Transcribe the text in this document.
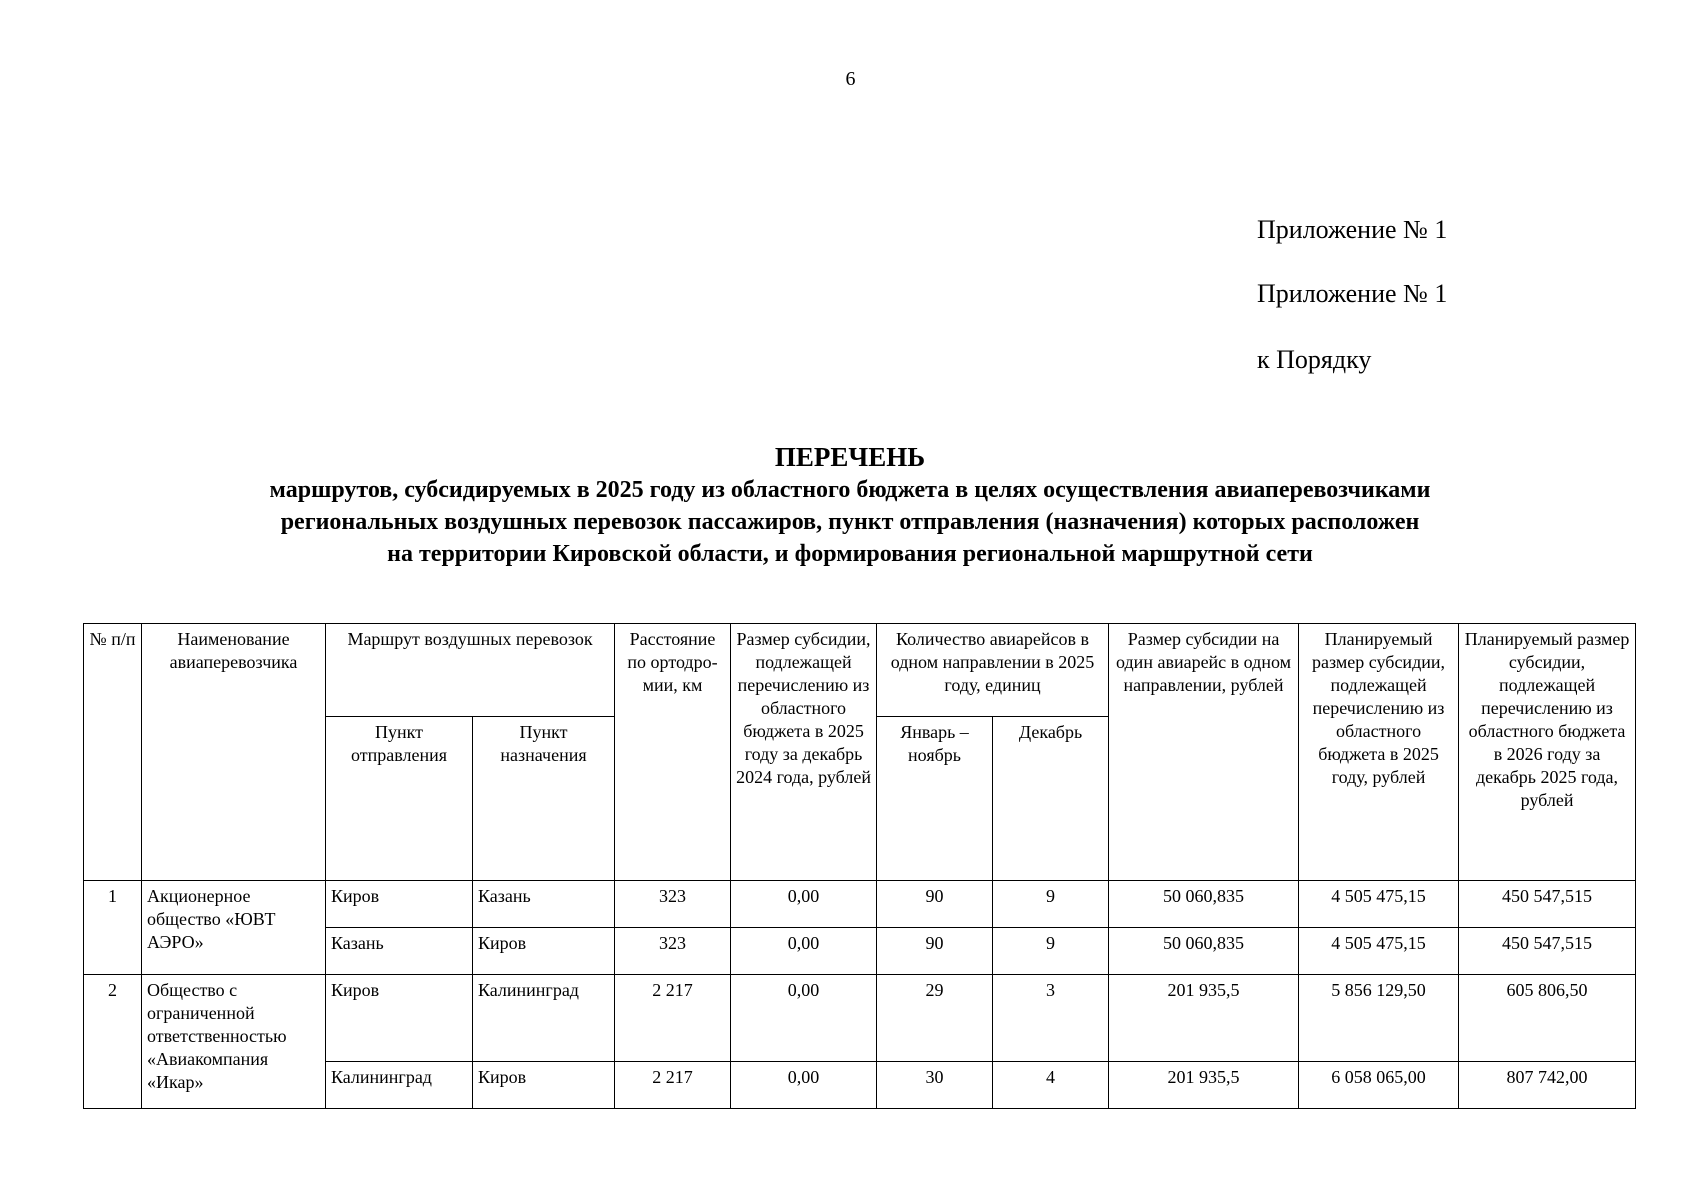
6
Приложение № 1
Приложение № 1
к Порядку
ПЕРЕЧЕНЬ
маршрутов, субсидируемых в 2025 году из областного бюджета в целях осуществления авиаперевозчиками
региональных воздушных перевозок пассажиров, пункт отправления (назначения) которых расположен
на территории Кировской области, и формирования региональной маршрутной сети
№ п/п	Наименование авиаперевозчика	Маршрут воздушных перевозок		Расстояние по ортодро-мии, км	Размер субсидии, подлежащей перечислению из областного бюджета в 2025 году за декабрь 2024 года, рублей	Количество авиарейсов в одном направлении в 2025 году, единиц		Размер субсидии на один авиарейс в одном направлении, рублей	Планируемый размер субсидии, подлежащей перечислению из областного бюджета в 2025 году, рублей	Планируемый размер субсидии, подлежащей перечислению из областного бюджета в 2026 году за декабрь 2025 года, рублей
		Пункт отправления	Пункт назначения			Январь – ноябрь	Декабрь			
1	Акционерное общество «ЮВТ АЭРО»	Киров	Казань	323	0,00	90	9	50 060,835	4 505 475,15	450 547,515
		Казань	Киров	323	0,00	90	9	50 060,835	4 505 475,15	450 547,515
2	Общество с ограниченной ответственностью «Авиакомпания «Икар»	Киров	Калининград	2 217	0,00	29	3	201 935,5	5 856 129,50	605 806,50
		Калининград	Киров	2 217	0,00	30	4	201 935,5	6 058 065,00	807 742,00
